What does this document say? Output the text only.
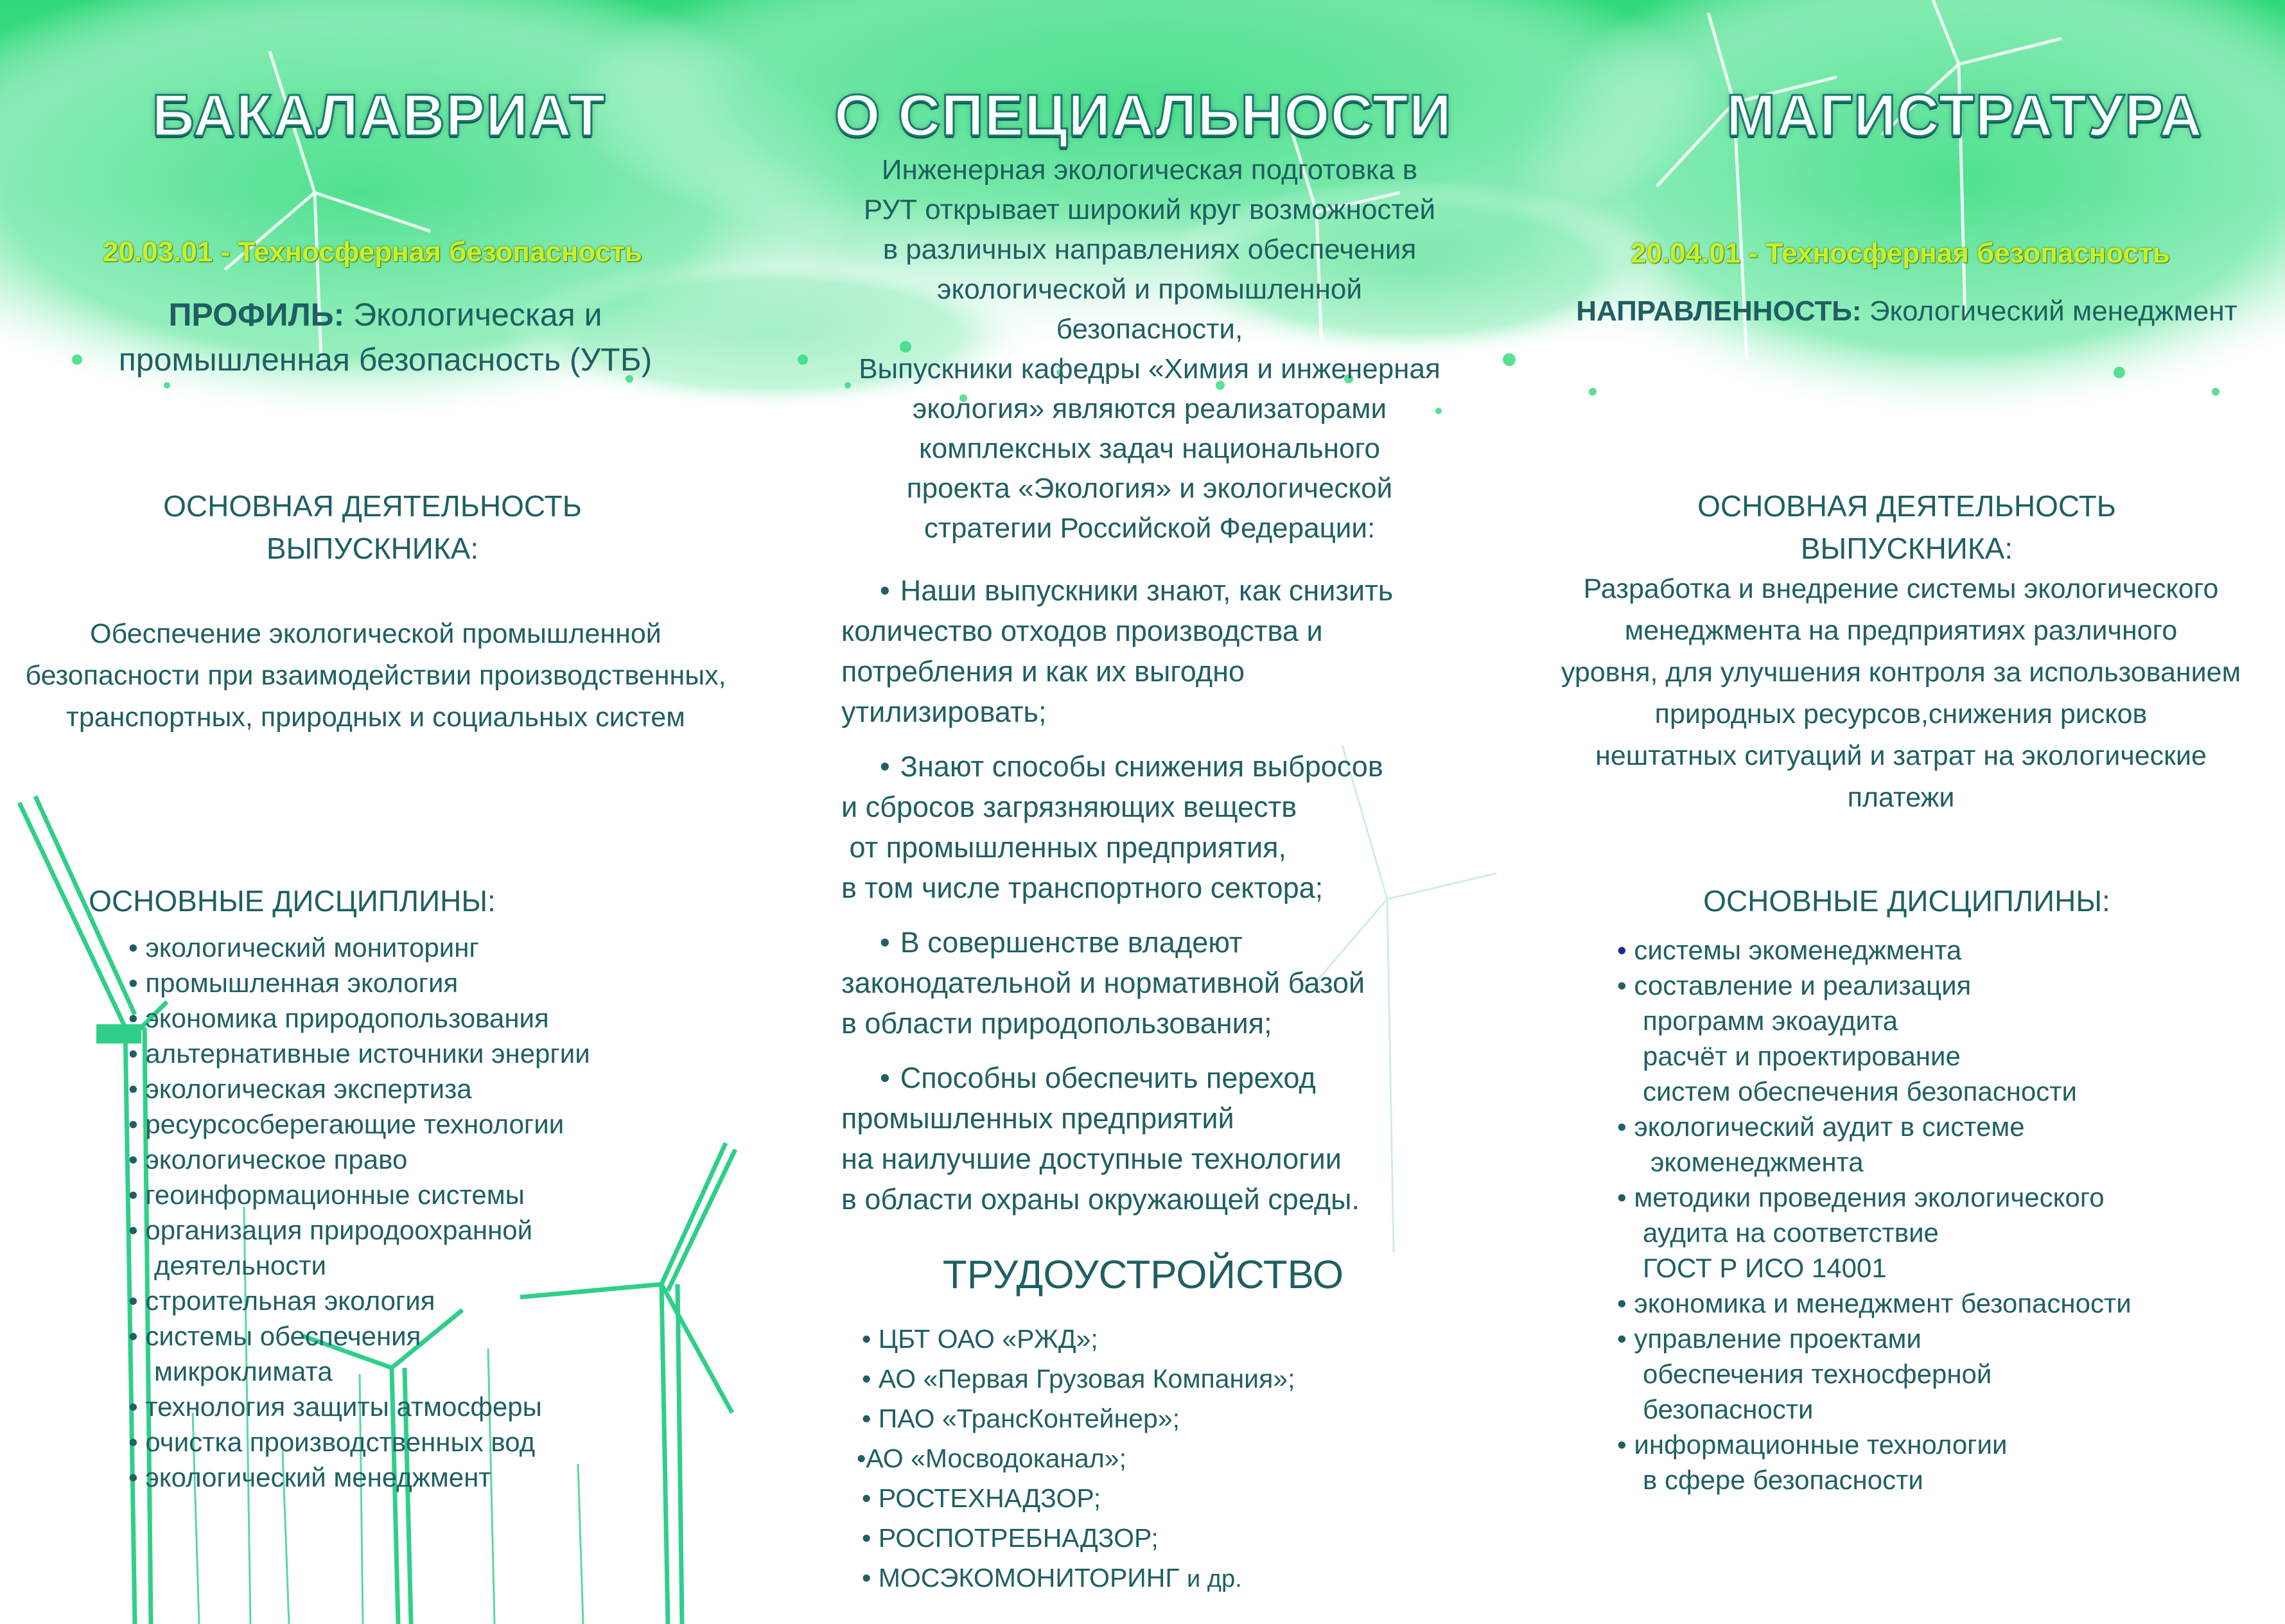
БАКАЛАВРИАТ
20.03.01 - Техносферная безопасность
ПРОФИЛЬ: Экологическая и
промышленная безопасность (УТБ)
ОСНОВНАЯ ДЕЯТЕЛЬНОСТЬ
ВЫПУСКНИКА:

Обеспечение экологической промышленной

безопасности при взаимодействии производственных,

транспортных, природных и социальных систем

ОСНОВНЫЕ ДИСЦИПЛИНЫ:
• экологический мониторинг
• промышленная экология
• экономика природопользования
• альтернативные источники энергии
• экологическая экспертиза
• ресурсосберегающие технологии
• экологическое право
• геоинформационные системы
• организация природоохранной
деятельности
• строительная экология
• системы обеспечения
микроклимата
• технология защиты атмосферы
• очистка производственных вод
• экологический менеджмент
О СПЕЦИАЛЬНОСТИ

Инженерная экологическая подготовка в

РУТ открывает широкий круг возможностей

в различных направлениях обеспечения

экологической и промышленной

безопасности,

Выпускники кафедры «Химия и инженерная

экология» являются реализаторами

комплексных задач национального

проекта «Экология» и экологической

стратегии Российской Федерации:

• Наши выпускники знают, как снизить

количество отходов производства и

потребления и как их выгодно

утилизировать;

• Знают способы снижения выбросов

и сбросов загрязняющих веществ

от промышленных предприятия,

в том числе транспортного сектора;

• В совершенстве владеют

законодательной и нормативной базой

в области природопользования;

• Способны обеспечить переход

промышленных предприятий

на наилучшие доступные технологии

в области охраны окружающей среды.

ТРУДОУСТРОЙСТВО
• ЦБТ ОАО «РЖД»;
• АО «Первая Грузовая Компания»;
• ПАО «ТрансКонтейнер»;
• АО «Мосводоканал»;
• РОСТЕХНАДЗОР;
• РОСПОТРЕБНАДЗОР;
• МОСЭКОМОНИТОРИНГ и др.
МАГИСТРАТУРА
20.04.01 - Техносферная безопасность
НАПРАВЛЕННОСТЬ: Экологический менеджмент
ОСНОВНАЯ ДЕЯТЕЛЬНОСТЬ
ВЫПУСКНИКА:

Разработка и внедрение системы экологического

менеджмента на предприятиях различного

уровня, для улучшения контроля за использованием

природных ресурсов,снижения рисков

нештатных ситуаций и затрат на экологические

платежи

ОСНОВНЫЕ ДИСЦИПЛИНЫ:
• системы экоменеджмента
• составление и реализация
программ экоаудита
расчёт и проектирование
систем обеспечения безопасности
• экологический аудит в системе
экоменеджмента
• методики проведения экологического
аудита на соответствие
ГОСТ Р ИСО 14001
• экономика и менеджмент безопасности
• управление проектами
обеспечения техносферной
безопасности
• информационные технологии
в сфере безопасности
